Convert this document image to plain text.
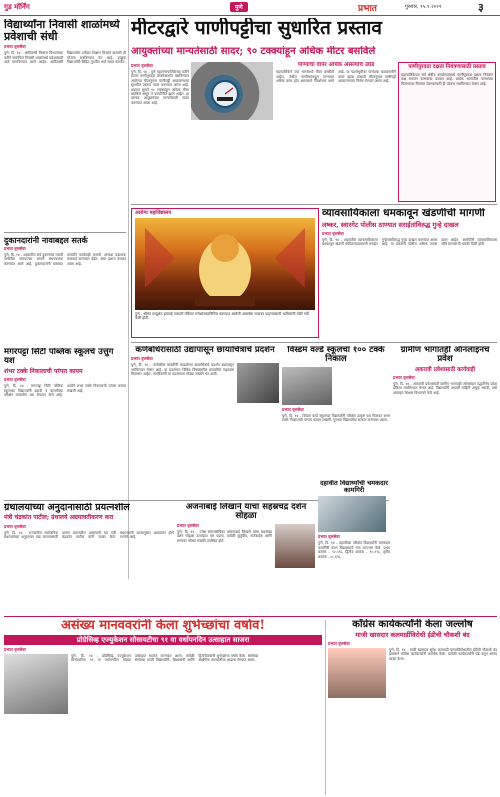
गुड मॉर्निंग	पुणे	प्रभात	गुरुवार, १५.९.२०२२	३
विद्यार्थ्यांना निवासी शाळांमध्ये प्रवेशाची संधी
प्रभात वृत्तसेवा
पुणे, दि. १४ - आदिवासी विकास विभागाच्या वतीने नामांकित निवासी शाळांमध्ये प्रवेशासाठी अर्ज मागविण्यात आले आहेत. आदिवासी विद्यार्थ्यांना दर्जेदार शिक्षण मिळावे यासाठी ही योजना राबविण्यात येत आहे. इच्छुक विद्यार्थ्यांनी विहित मुदतीत अर्ज सादर करावेत.
मीटरद्वारे पाणीपट्टीचा सुधारित प्रस्ताव
आयुक्तांच्या मान्यतेसाठी सादर; ९० टक्क्यांहून अधिक मीटर बसविले
प्रभात वृत्तसेवा
पुणे, दि. १४ - पुणे महानगरपालिकेच्या वतीने समान पाणीपुरवठा योजनेअंतर्गत बसविण्यात आलेल्या मीटरनुसार पाणीपट्टी आकारण्याचा सुधारित प्रस्ताव तयार करण्यात आला आहे. शहरात सुमारे ९० टक्क्यांहून अधिक मीटर बसविले असून ते कार्यान्वित झाले आहेत. हा प्रस्ताव आयुक्तांच्या मान्यतेसाठी सादर करण्यात आला आहे.
पाण्याचा वापर अधिक असल्याचे उघड
महापालिकेने ज्या भागांमध्ये मीटर बसविले आहेत, तेथील नागरिकांकडून पाण्याचा अधिक वापर होत असल्याचे निदर्शनास आले आहे. या पार्श्वभूमीवर पाण्याचा काटकसरीने वापर व्हावा यासाठी मीटरनुसार पाणीपट्टी आकारण्याचा निर्णय घेण्यात आला आहे.
पाणीपुरवठा दक्षता नियंत्रणासाठी प्रस्ताव
महापालिकेच्या सर्व क्षेत्रीय कार्यालयांमध्ये पाणीपुरवठा दक्षता नियंत्रण कक्ष स्थापन करण्याचा प्रस्ताव आहे. प्रत्येक भागातील पाण्याच्या वितरणावर नियंत्रण ठेवण्यासाठी ही योजना राबविण्यात येणार आहे.
दुकानदारांनी नावाबद्दल सतर्क
प्रभात वृत्तसेवा
पुणे, दि. १४ - शहरातील सर्व दुकानांवर मराठी भाषेतील नामफलक लावणे बंधनकारक करण्यात आले आहे. दुकानदारांनी याबाबत तातडीने कार्यवाही करावी, अन्यथा दंडात्मक कारवाई करण्यात येईल, असा इशारा देण्यात आला आहे.
आरोग्य महाविद्यालय
पुणे - श्रीमंत दगडूशेठ हलवाई गणपती मंदिरात गणेशोत्सवानिमित्त करण्यात आलेली आकर्षक सजावट पाहण्यासाठी भाविकांनी मोठी गर्दी केली होती.
व्यावसायिकाला धमकावून खंडणीची मागणी
लष्कर, स्वारगेट पोलीस ठाण्यात सराईतांविरुद्ध गुन्हे दाखल
प्रभात वृत्तसेवा
पुणे, दि. १४ - शहरातील व्यावसायिकाला धमकावून खंडणी मागितल्याप्रकरणी सराईत गुन्हेगारांविरुद्ध गुन्हा दाखल करण्यात आला आहे. या प्रकरणी पोलीस अधिक तपास करत आहेत. आरोपींनी व्यावसायिकाला जीवे मारण्याची धमकी दिली होती.
मगरपट्टा सिटी पब्लिक स्कूलचे उत्तुंग यश
शंभर टक्के निकालाची परंपरा कायम
प्रभात वृत्तसेवा
पुणे, दि. १४ - मगरपट्टा सिटी पब्लिक स्कूलच्या विद्यार्थ्यांनी दहावी व बारावीच्या परीक्षेत घवघवीत यश संपादन केले आहे. शाळेने शंभर टक्के निकालाची परंपरा कायम राखली आहे.
कर्णबधिरांसाठी उद्यापासून छायाचित्रांचे प्रदर्शन
प्रभात वृत्तसेवा
पुणे, दि. १४ - कर्णबधिर व्यक्तींनी काढलेल्या छायाचित्रांचे प्रदर्शन उद्यापासून भरविण्यात येणार आहे. या प्रदर्शनात विविध विषयांवरील छायाचित्रे पाहायला मिळणार आहेत. नागरिकांनी या प्रदर्शनाला मोठ्या संख्येने भेट द्यावी.
विस्डम वर्ल्ड स्कूलचा १०० टक्के निकाल
प्रभात वृत्तसेवा
पुणे, दि. १४ - विस्डम वर्ल्ड स्कूलच्या विद्यार्थ्यांनी परीक्षेत उत्कृष्ट यश मिळवत शंभर टक्के निकालाची परंपरा कायम राखली. गुणवंत विद्यार्थ्यांचा सत्कार करण्यात आला.
ग्रामीण भागातही ऑनलाइनच प्रवेश
अकरावी प्रवेशासाठी कार्यवाही
प्रभात वृत्तसेवा
पुणे, दि. १४ - अकरावी प्रवेशासाठी ग्रामीण भागातही ऑनलाइन पद्धतीनेच प्रवेश प्रक्रिया राबविण्यात येणार आहे. विद्यार्थ्यांनी आपली माहिती अचूक भरावी, असे आवाहन शिक्षण विभागाने केले आहे.
ग्रंथालयांच्या अनुदानासाठी प्रयत्नशील
मंत्री चंद्रकांत पाटील; ग्रंथालये अद्ययावतीकरण करा
प्रभात वृत्तसेवा
पुणे, दि. १४ - राज्यातील सार्वजनिक ग्रंथालयांच्या अनुदानात वाढ करण्यासाठी शासन प्रयत्नशील असल्याचे मत मंत्री चंद्रकांत पाटील यांनी व्यक्त केले. ग्रंथालयांनी काळानुसार अद्ययावत होणे गरजेचे आहे.
अंजनाबाई लिखाने यांचा सहस्रचंद्र दर्शन सोहळा
प्रभात वृत्तसेवा
पुणे, दि. १४ - ज्येष्ठ समाजसेविका अंजनाबाई लिखाने यांचा सहस्रचंद्र दर्शन सोहळा उत्साहात पार पडला. यावेळी कुटुंबीय, नातेवाईक आणि मान्यवर मोठ्या संख्येने उपस्थित होते.
दहावीत विद्यार्थ्यांची चमकदार कामगिरी
प्रभात वृत्तसेवा
पुणे, दि. १४ - दहावीच्या परीक्षेत विद्यार्थ्यांनी चमकदार कामगिरी करत विद्यालयाचे नाव उज्ज्वल केले. प्रथम क्रमांक - ९२.५%, द्वितीय क्रमांक - ९०.२%, तृतीय क्रमांक - ८८.६%.
असंख्य मानववरांनी केला शुभेच्छांचा वर्षाव!
प्रोग्रेसिव्ह एज्युकेशन सोसायटीचा ९१ वा वर्धापनदिन उत्साहात साजरा
प्रभात वृत्तसेवा
पुणे, दि. १४ - प्रोग्रेसिव्ह एज्युकेशन सोसायटीचा ९१ वा वर्धापनदिन मोठ्या उत्साहात साजरा करण्यात आला. यावेळी संस्थेच्या माजी विद्यार्थ्यांनी, शिक्षकांनी आणि हितचिंतकांनी शुभेच्छांचा वर्षाव केला. संस्थेच्या शैक्षणिक वाटचालीचा आढावा घेण्यात आला.
काँग्रेस कार्यकर्त्यांनी केला जल्लोष
माजी खासदार कलमाडींविरोधी ईडीची चौकशी बंद
प्रभात वृत्तसेवा
पुणे, दि. १४ - माजी खासदार सुरेश कलमाडी यांच्याविरोधातील ईडीची चौकशी बंद झाल्याने काँग्रेस कार्यकर्त्यांनी जल्लोष केला. यावेळी कार्यकर्त्यांनी पेढे वाटून आनंद व्यक्त केला.
